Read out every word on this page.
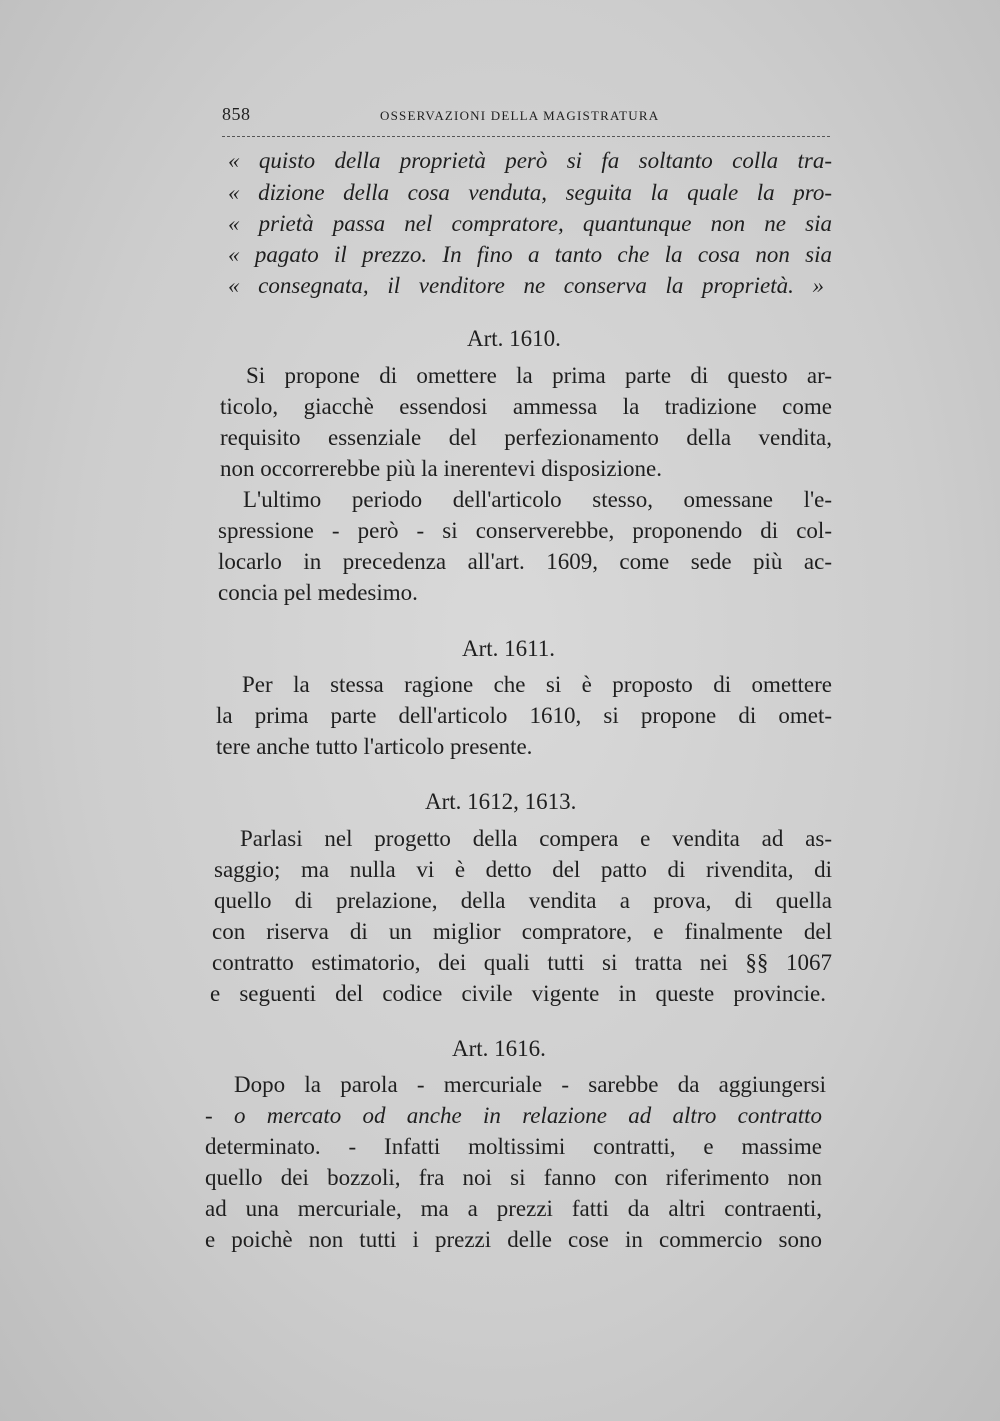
858	OSSERVAZIONI DELLA MAGISTRATURA
« quisto della proprietà però si fa soltanto colla tra-
« dizione della cosa venduta, seguita la quale la pro-
« prietà passa nel compratore, quantunque non ne sia
« pagato il prezzo. In fino a tanto che la cosa non sia
« consegnata, il venditore ne conserva la proprietà. »
Art. 1610.
Si propone di omettere la prima parte di questo ar-
ticolo, giacchè essendosi ammessa la tradizione come
requisito essenziale del perfezionamento della vendita,
non occorrerebbe più la inerentevi disposizione.
L'ultimo periodo dell'articolo stesso, omessane l'e-
spressione - però - si conserverebbe, proponendo di col-
locarlo in precedenza all'art. 1609, come sede più ac-
concia pel medesimo.
Art. 1611.
Per la stessa ragione che si è proposto di omettere
la prima parte dell'articolo 1610, si propone di omet-
tere anche tutto l'articolo presente.
Art. 1612, 1613.
Parlasi nel progetto della compera e vendita ad as-
saggio; ma nulla vi è detto del patto di rivendita, di
quello di prelazione, della vendita a prova, di quella
con riserva di un miglior compratore, e finalmente del
contratto estimatorio, dei quali tutti si tratta nei §§ 1067
e seguenti del codice civile vigente in queste provincie.
Art. 1616.
Dopo la parola - mercuriale - sarebbe da aggiungersi
- o mercato od anche in relazione ad altro contratto
determinato. - Infatti moltissimi contratti, e massime
quello dei bozzoli, fra noi si fanno con riferimento non
ad una mercuriale, ma a prezzi fatti da altri contraenti,
e poichè non tutti i prezzi delle cose in commercio sono
